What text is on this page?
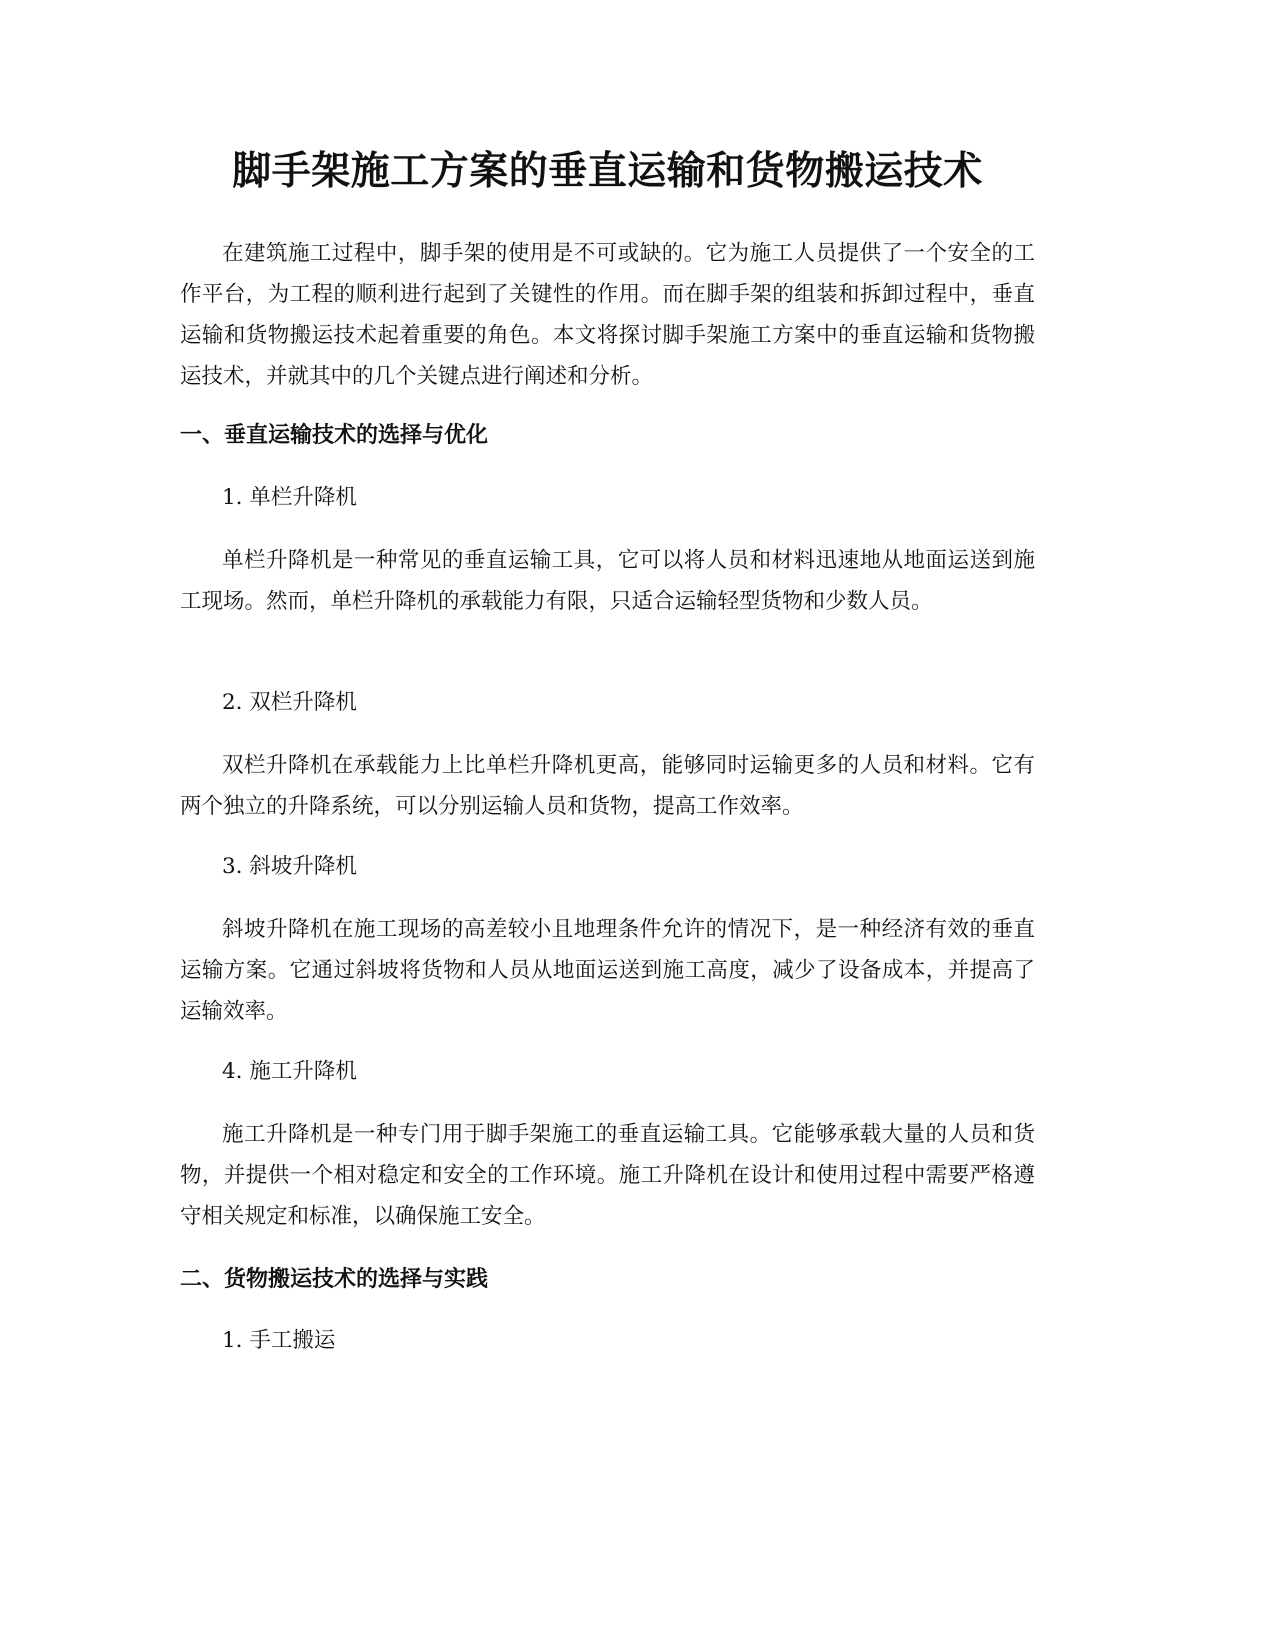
脚手架施工方案的垂直运输和货物搬运技术

在建筑施工过程中，脚手架的使用是不可或缺的。它为施工人员提供了一个安全的工作平台，为工程的顺利进行起到了关键性的作用。而在脚手架的组装和拆卸过程中，垂直运输和货物搬运技术起着重要的角色。本文将探讨脚手架施工方案中的垂直运输和货物搬运技术，并就其中的几个关键点进行阐述和分析。

一、垂直运输技术的选择与优化

1. 单栏升降机

单栏升降机是一种常见的垂直运输工具，它可以将人员和材料迅速地从地面运送到施工现场。然而，单栏升降机的承载能力有限，只适合运输轻型货物和少数人员。

2. 双栏升降机

双栏升降机在承载能力上比单栏升降机更高，能够同时运输更多的人员和材料。它有两个独立的升降系统，可以分别运输人员和货物，提高工作效率。

3. 斜坡升降机

斜坡升降机在施工现场的高差较小且地理条件允许的情况下，是一种经济有效的垂直运输方案。它通过斜坡将货物和人员从地面运送到施工高度，减少了设备成本，并提高了运输效率。

4. 施工升降机

施工升降机是一种专门用于脚手架施工的垂直运输工具。它能够承载大量的人员和货物，并提供一个相对稳定和安全的工作环境。施工升降机在设计和使用过程中需要严格遵守相关规定和标准，以确保施工安全。

二、货物搬运技术的选择与实践

1. 手工搬运
